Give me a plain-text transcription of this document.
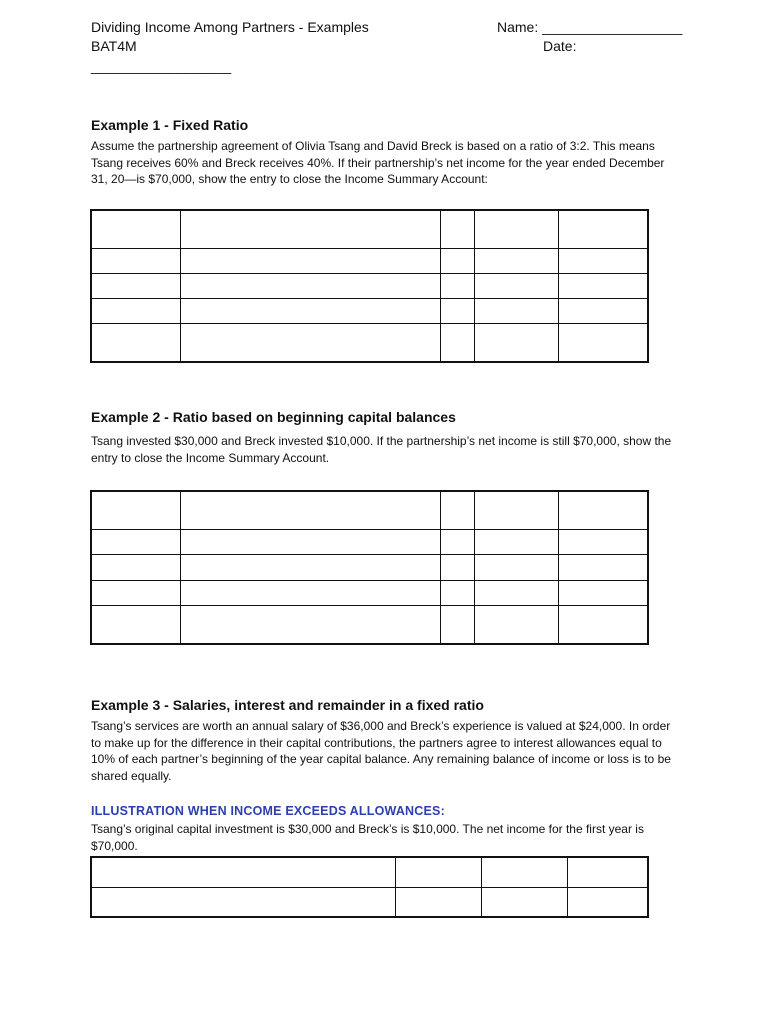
Dividing Income Among Partners - Examples
BAT4M
__________________
Name: __________________
Date:
Example 1 - Fixed Ratio
Assume the partnership agreement of Olivia Tsang and David Breck is based on a ratio of 3:2. This means Tsang receives 60% and Breck receives 40%. If their partnership’s net income for the year ended December 31, 20—is $70,000, show the entry to close the Income Summary Account:

Example 2 - Ratio based on beginning capital balances
Tsang invested $30,000 and Breck invested $10,000. If the partnership’s net income is still $70,000, show the entry to close the Income Summary Account.

Example 3 - Salaries, interest and remainder in a fixed ratio
Tsang’s services are worth an annual salary of $36,000 and Breck’s experience is valued at $24,000. In order to make up for the difference in their capital contributions, the partners agree to interest allowances equal to 10% of each partner’s beginning of the year capital balance. Any remaining balance of income or loss is to be shared equally.
ILLUSTRATION WHEN INCOME EXCEEDS ALLOWANCES:
Tsang’s original capital investment is $30,000 and Breck’s is $10,000. The net income for the first year is $70,000.
